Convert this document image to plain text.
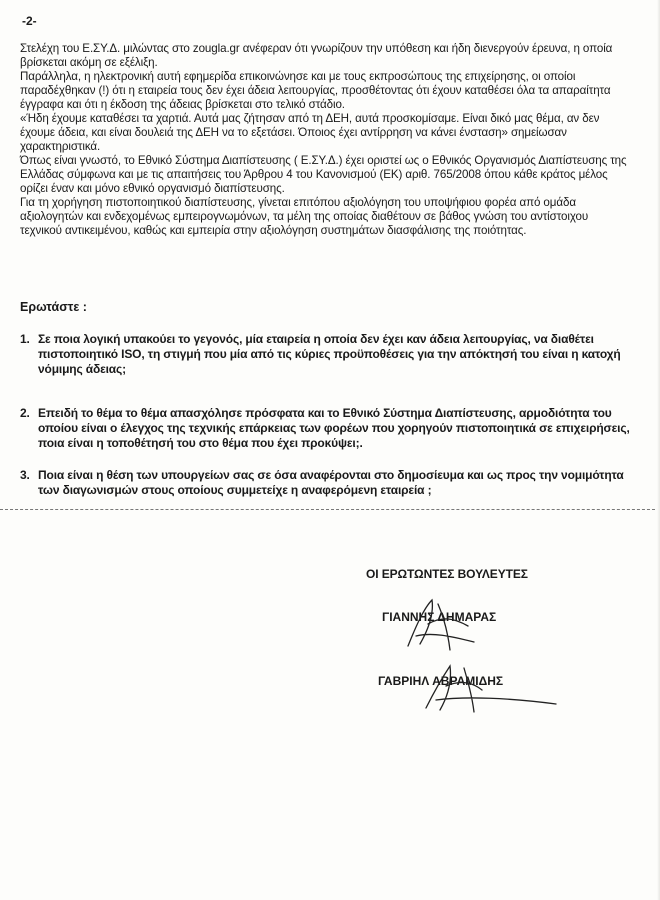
-2-

Στελέχη του Ε.ΣΥ.Δ. μιλώντας στο zougla.gr ανέφεραν ότι γνωρίζουν την υπόθεση και ήδη διενεργούν έρευνα, η οποία βρίσκεται ακόμη σε εξέλιξη.

Παράλληλα, η ηλεκτρονική αυτή εφημερίδα επικοινώνησε και με τους εκπροσώπους της επιχείρησης, οι οποίοι παραδέχθηκαν (!) ότι η εταιρεία τους δεν έχει άδεια λειτουργίας, προσθέτοντας ότι έχουν καταθέσει όλα τα απαραίτητα έγγραφα και ότι η έκδοση της άδειας βρίσκεται στο τελικό στάδιο.

«Ήδη έχουμε καταθέσει τα χαρτιά. Αυτά μας ζήτησαν από τη ΔΕΗ, αυτά προσκομίσαμε. Είναι δικό μας θέμα, αν δεν έχουμε άδεια, και είναι δουλειά της ΔΕΗ να το εξετάσει. Όποιος έχει αντίρρηση να κάνει ένσταση» σημείωσαν χαρακτηριστικά.

Όπως είναι γνωστό, το Εθνικό Σύστημα Διαπίστευσης ( Ε.ΣΥ.Δ.) έχει οριστεί ως ο Εθνικός Οργανισμός Διαπίστευσης της Ελλάδας σύμφωνα και με τις απαιτήσεις του Άρθρου 4 του Κανονισμού (ΕΚ) αριθ. 765/2008 όπου κάθε κράτος μέλος ορίζει έναν και μόνο εθνικό οργανισμό διαπίστευσης.

Για τη χορήγηση πιστοποιητικού διαπίστευσης, γίνεται επιτόπου αξιολόγηση του υποψήφιου φορέα από ομάδα αξιολογητών και ενδεχομένως εμπειρογνωμόνων, τα μέλη της οποίας διαθέτουν σε βάθος γνώση του αντίστοιχου τεχνικού αντικειμένου, καθώς και εμπειρία στην αξιολόγηση συστημάτων διασφάλισης της ποιότητας.

Ερωτάστε :
1. Σε ποια λογική υπακούει το γεγονός, μία εταιρεία η οποία δεν έχει καν άδεια λειτουργίας, να διαθέτει πιστοποιητικό ISO, τη στιγμή που μία από τις κύριες προϋποθέσεις για την απόκτησή του είναι η κατοχή νόμιμης άδειας;
2. Επειδή το θέμα το θέμα απασχόλησε πρόσφατα και το Εθνικό Σύστημα Διαπίστευσης, αρμοδιότητα του οποίου είναι ο έλεγχος της τεχνικής επάρκειας των φορέων που χορηγούν πιστοποιητικά σε επιχειρήσεις, ποια είναι η τοποθέτησή του στο θέμα που έχει προκύψει;.
3. Ποια είναι η θέση των υπουργείων σας σε όσα αναφέρονται στο δημοσίευμα και ως προς την νομιμότητα των διαγωνισμών στους οποίους συμμετείχε η αναφερόμενη εταιρεία ;
ΟΙ ΕΡΩΤΩΝΤΕΣ ΒΟΥΛΕΥΤΕΣ
ΓΙΑΝΝΗΣ ΔΗΜΑΡΑΣ
ΓΑΒΡΙΗΛ ΑΒΡΑΜΙΔΗΣ
